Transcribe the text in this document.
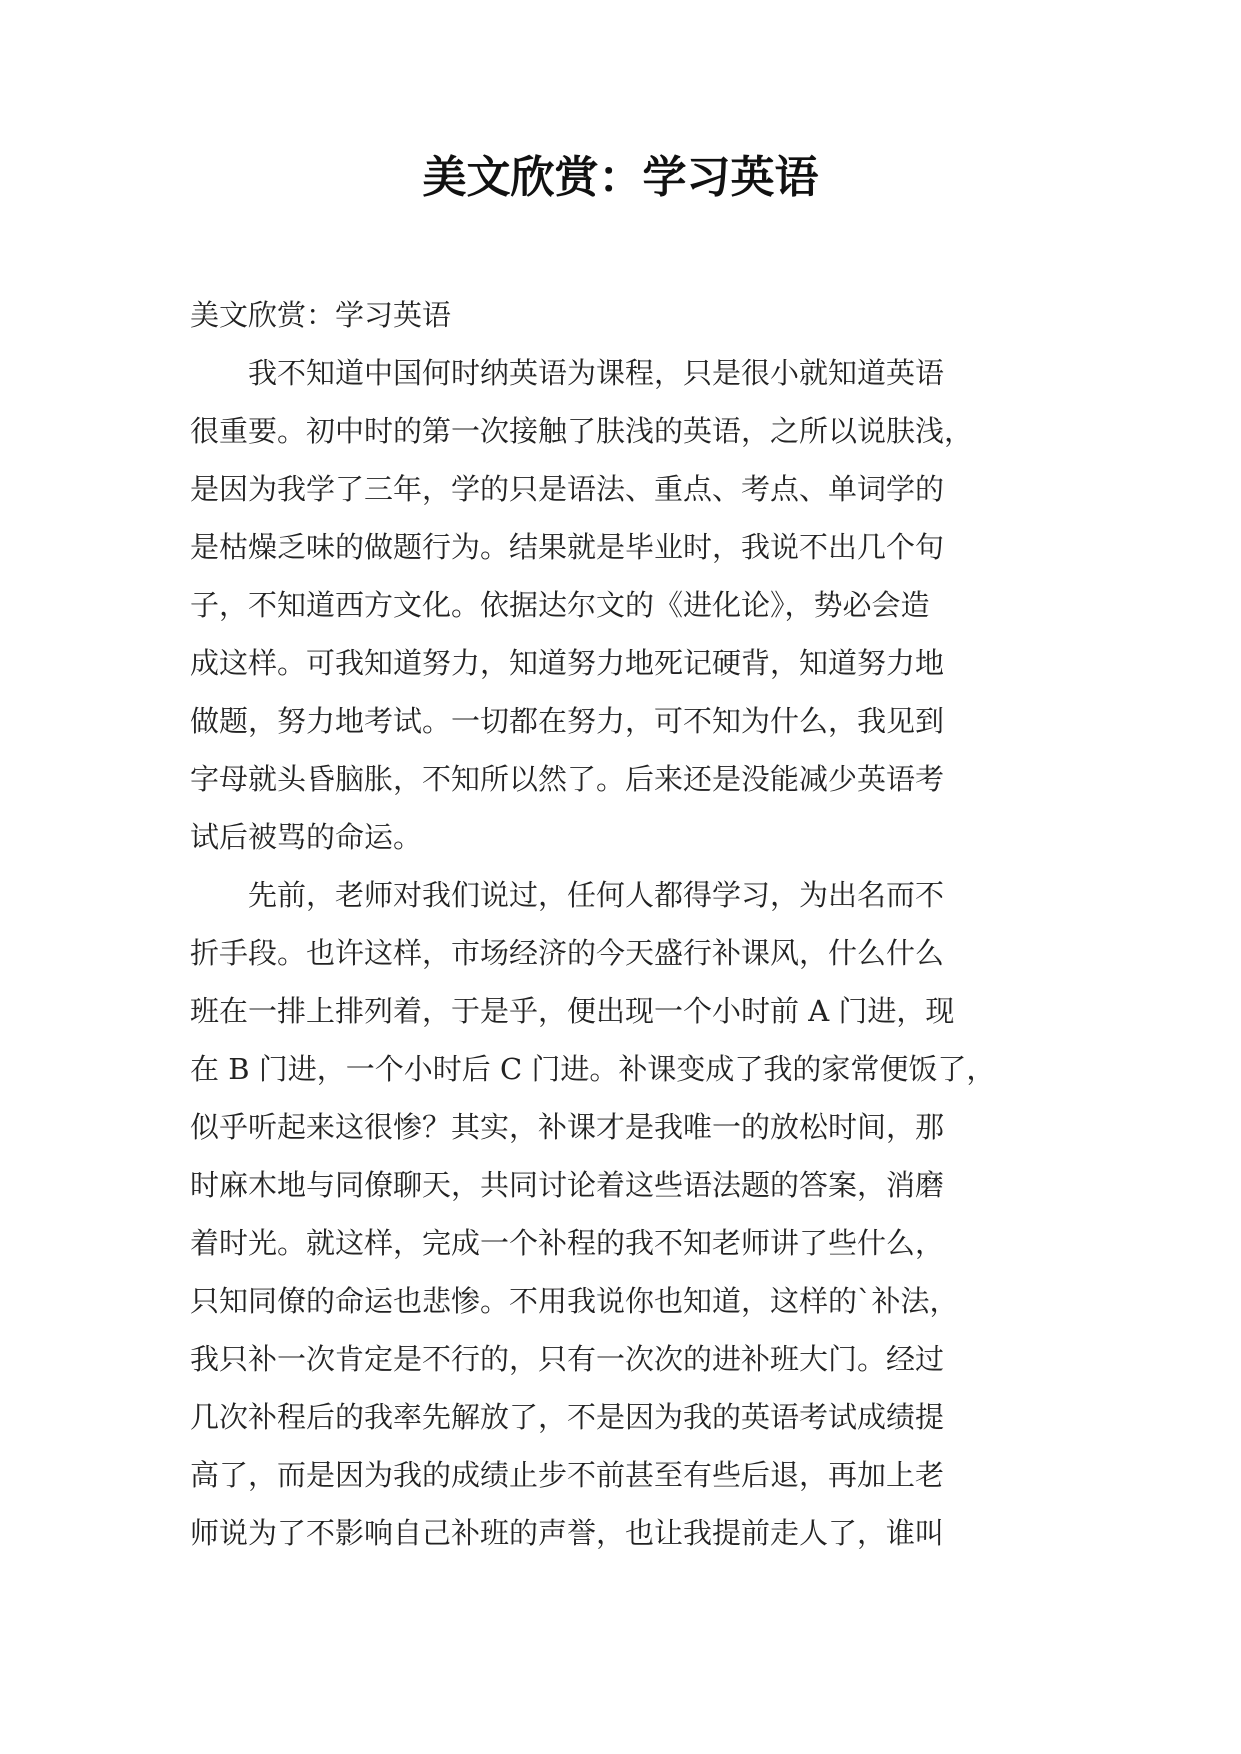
美文欣赏：学习英语
美文欣赏：学习英语
　　我不知道中国何时纳英语为课程，只是很小就知道英语
很重要。初中时的第一次接触了肤浅的英语，之所以说肤浅，
是因为我学了三年，学的只是语法、重点、考点、单词学的
是枯燥乏味的做题行为。结果就是毕业时，我说不出几个句
子，不知道西方文化。依据达尔文的《进化论》，势必会造
成这样。可我知道努力，知道努力地死记硬背，知道努力地
做题，努力地考试。一切都在努力，可不知为什么，我见到
字母就头昏脑胀，不知所以然了。后来还是没能减少英语考
试后被骂的命运。
　　先前，老师对我们说过，任何人都得学习，为出名而不
折手段。也许这样，市场经济的今天盛行补课风，什么什么
班在一排上排列着，于是乎，便出现一个小时前 A 门进，现
在 B 门进，一个小时后 C 门进。补课变成了我的家常便饭了，
似乎听起来这很惨？其实，补课才是我唯一的放松时间，那
时麻木地与同僚聊天，共同讨论着这些语法题的答案，消磨
着时光。就这样，完成一个补程的我不知老师讲了些什么，
只知同僚的命运也悲惨。不用我说你也知道，这样的`补法，
我只补一次肯定是不行的，只有一次次的进补班大门。经过
几次补程后的我率先解放了，不是因为我的英语考试成绩提
高了，而是因为我的成绩止步不前甚至有些后退，再加上老
师说为了不影响自己补班的声誉，也让我提前走人了，谁叫
